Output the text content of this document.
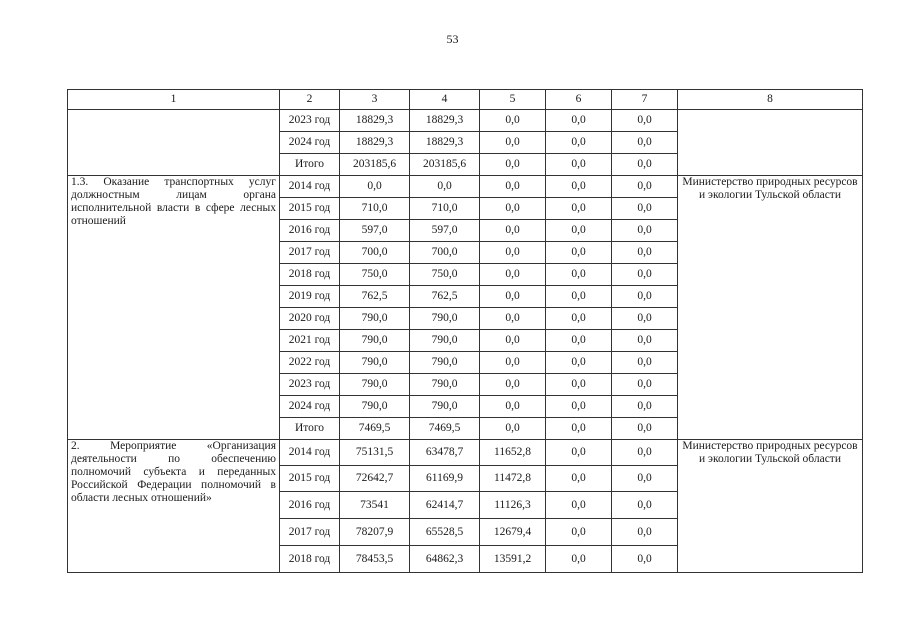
53
1	2	3	4	5	6	7	8
	2023 год	18829,3	18829,3	0,0	0,0	0,0	
	2024 год	18829,3	18829,3	0,0	0,0	0,0	
	Итого	203185,6	203185,6	0,0	0,0	0,0	
1.3. Оказание транспортных услуг должностным лицам органа исполнительной власти в сфере лесных отношений	2014 год	0,0	0,0	0,0	0,0	0,0	Министерство природных ресурсов и экологии Тульской области
	2015 год	710,0	710,0	0,0	0,0	0,0	
	2016 год	597,0	597,0	0,0	0,0	0,0	
	2017 год	700,0	700,0	0,0	0,0	0,0	
	2018 год	750,0	750,0	0,0	0,0	0,0	
	2019 год	762,5	762,5	0,0	0,0	0,0	
	2020 год	790,0	790,0	0,0	0,0	0,0	
	2021 год	790,0	790,0	0,0	0,0	0,0	
	2022 год	790,0	790,0	0,0	0,0	0,0	
	2023 год	790,0	790,0	0,0	0,0	0,0	
	2024 год	790,0	790,0	0,0	0,0	0,0	
	Итого	7469,5	7469,5	0,0	0,0	0,0	
2. Мероприятие «Организация деятельности по обеспечению полномочий субъекта и переданных Российской Федерации полномочий в области лесных отношений»	2014 год	75131,5	63478,7	11652,8	0,0	0,0	Министерство природных ресурсов и экологии Тульской области
	2015 год	72642,7	61169,9	11472,8	0,0	0,0	
	2016 год	73541	62414,7	11126,3	0,0	0,0	
	2017 год	78207,9	65528,5	12679,4	0,0	0,0	
	2018 год	78453,5	64862,3	13591,2	0,0	0,0	
